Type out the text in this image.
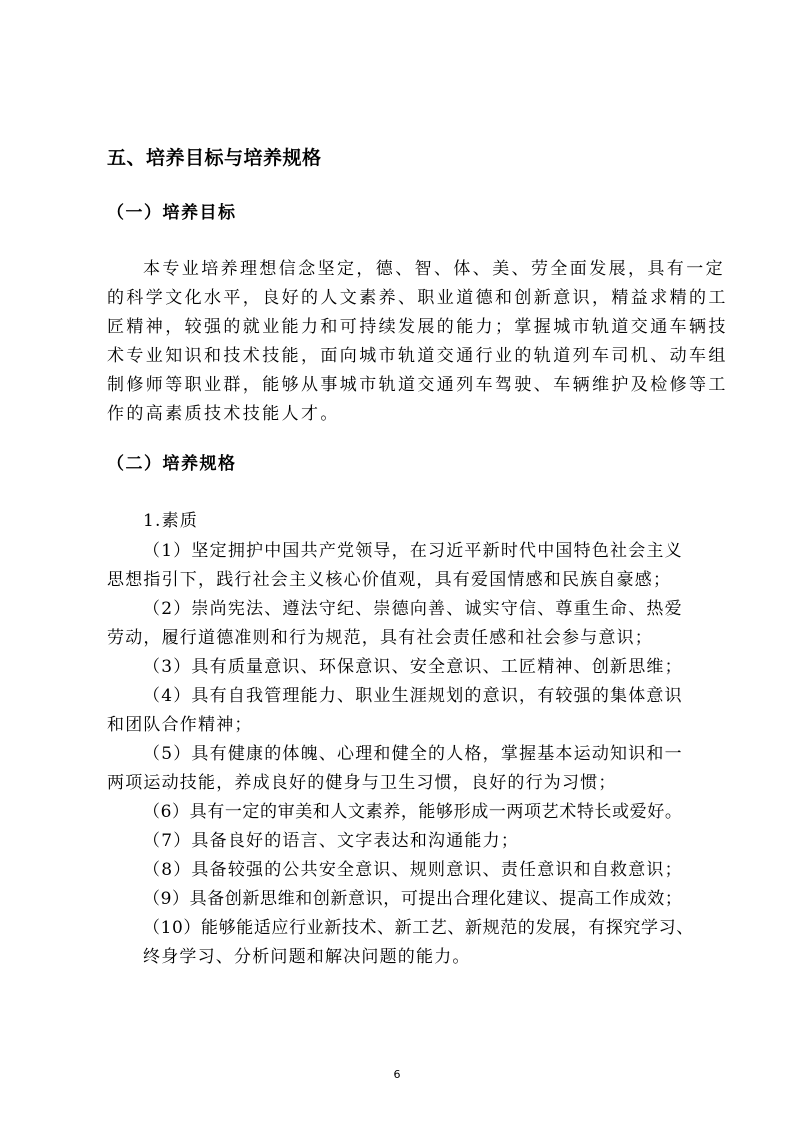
五、培养目标与培养规格
（一）培养目标
本专业培养理想信念坚定，德、智、体、美、劳全面发展，具有一定
的科学文化水平，良好的人文素养、职业道德和创新意识，精益求精的工
匠精神，较强的就业能力和可持续发展的能力；掌握城市轨道交通车辆技
术专业知识和技术技能，面向城市轨道交通行业的轨道列车司机、动车组
制修师等职业群，能够从事城市轨道交通列车驾驶、车辆维护及检修等工
作的高素质技术技能人才。
（二）培养规格
1.素质
（1）坚定拥护中国共产党领导，在习近平新时代中国特色社会主义
思想指引下，践行社会主义核心价值观，具有爱国情感和民族自豪感；
（2）崇尚宪法、遵法守纪、崇德向善、诚实守信、尊重生命、热爱
劳动，履行道德准则和行为规范，具有社会责任感和社会参与意识；
（3）具有质量意识、环保意识、安全意识、工匠精神、创新思维；
（4）具有自我管理能力、职业生涯规划的意识，有较强的集体意识
和团队合作精神；
（5）具有健康的体魄、心理和健全的人格，掌握基本运动知识和一
两项运动技能，养成良好的健身与卫生习惯，良好的行为习惯；
（6）具有一定的审美和人文素养，能够形成一两项艺术特长或爱好。
（7）具备良好的语言、文字表达和沟通能力；
（8）具备较强的公共安全意识、规则意识、责任意识和自救意识；
（9）具备创新思维和创新意识，可提出合理化建议、提高工作成效；
（10）能够能适应行业新技术、新工艺、新规范的发展，有探究学习、
终身学习、分析问题和解决问题的能力。
6
